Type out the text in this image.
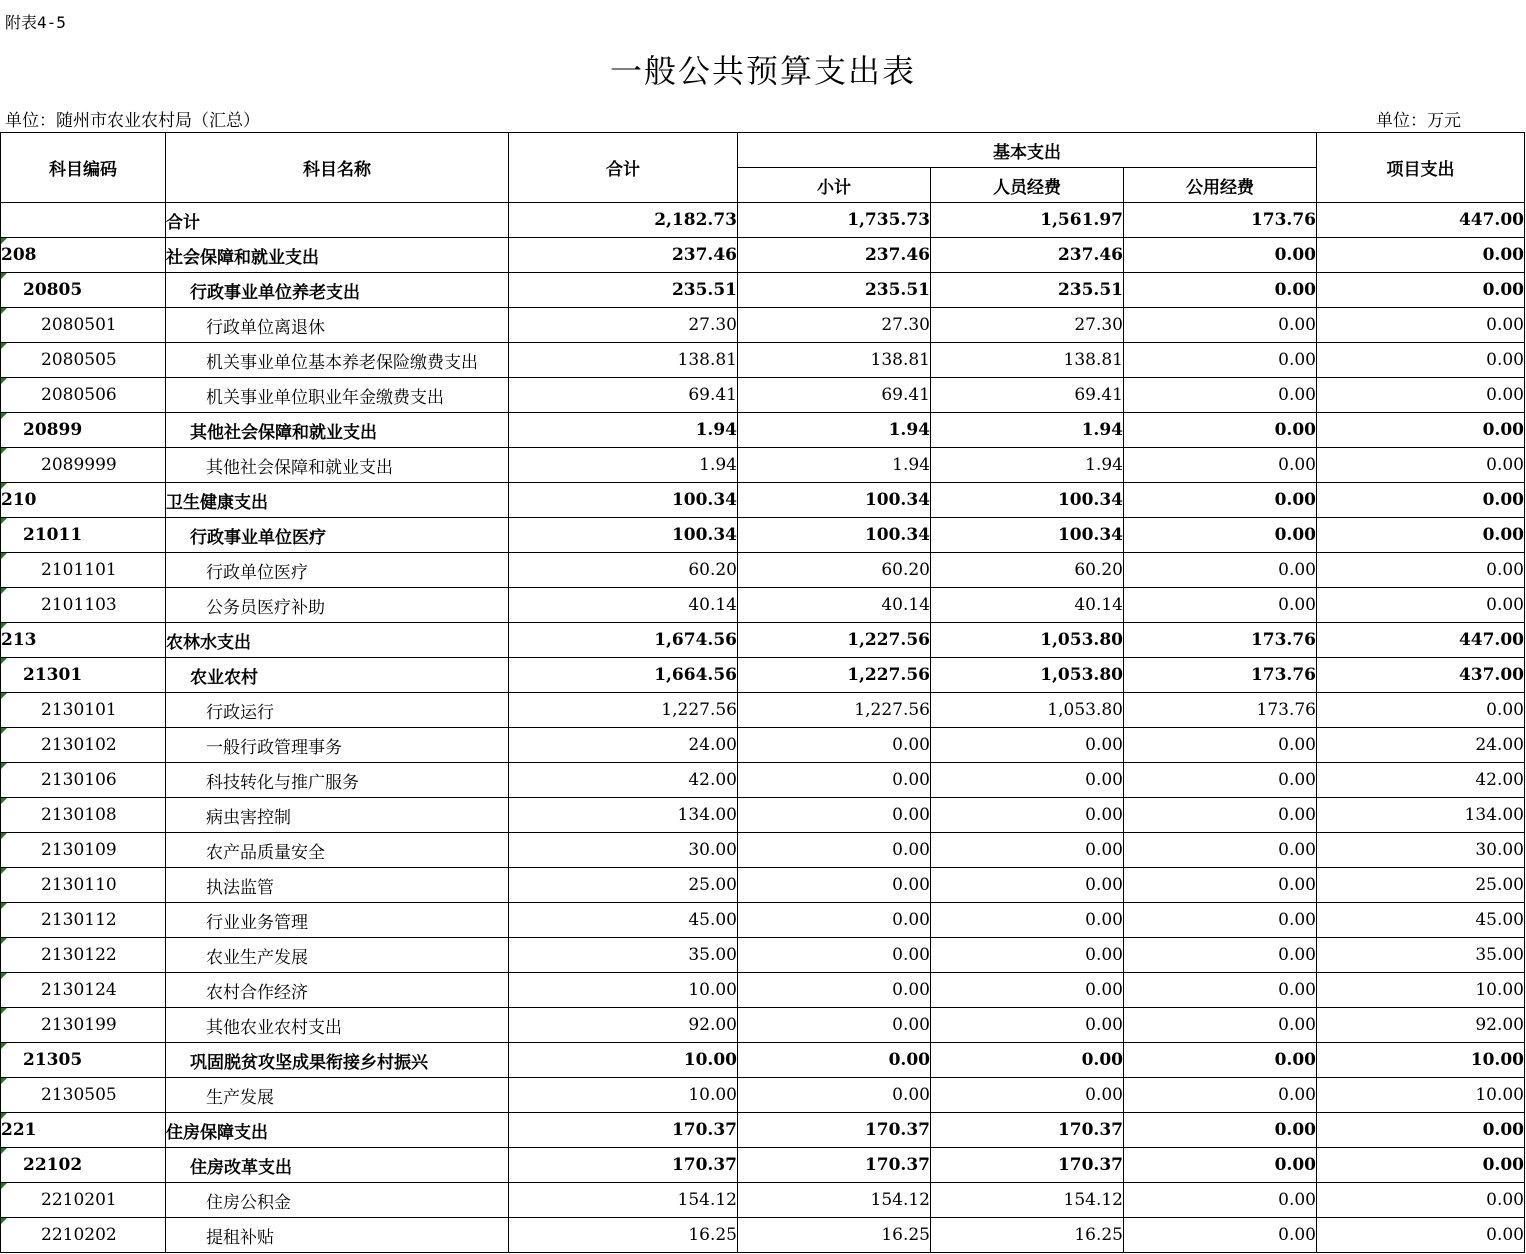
附表4-5
一般公共预算支出表
单位：随州市农业农村局（汇总）	单位：万元
科目编码	科目名称	合计	基本支出			项目支出
			小计	人员经费	公用经费	
	合计	2,182.73	1,735.73	1,561.97	173.76	447.00
208	社会保障和就业支出	237.46	237.46	237.46	0.00	0.00
20805	行政事业单位养老支出	235.51	235.51	235.51	0.00	0.00
2080501	行政单位离退休	27.30	27.30	27.30	0.00	0.00
2080505	机关事业单位基本养老保险缴费支出	138.81	138.81	138.81	0.00	0.00
2080506	机关事业单位职业年金缴费支出	69.41	69.41	69.41	0.00	0.00
20899	其他社会保障和就业支出	1.94	1.94	1.94	0.00	0.00
2089999	其他社会保障和就业支出	1.94	1.94	1.94	0.00	0.00
210	卫生健康支出	100.34	100.34	100.34	0.00	0.00
21011	行政事业单位医疗	100.34	100.34	100.34	0.00	0.00
2101101	行政单位医疗	60.20	60.20	60.20	0.00	0.00
2101103	公务员医疗补助	40.14	40.14	40.14	0.00	0.00
213	农林水支出	1,674.56	1,227.56	1,053.80	173.76	447.00
21301	农业农村	1,664.56	1,227.56	1,053.80	173.76	437.00
2130101	行政运行	1,227.56	1,227.56	1,053.80	173.76	0.00
2130102	一般行政管理事务	24.00	0.00	0.00	0.00	24.00
2130106	科技转化与推广服务	42.00	0.00	0.00	0.00	42.00
2130108	病虫害控制	134.00	0.00	0.00	0.00	134.00
2130109	农产品质量安全	30.00	0.00	0.00	0.00	30.00
2130110	执法监管	25.00	0.00	0.00	0.00	25.00
2130112	行业业务管理	45.00	0.00	0.00	0.00	45.00
2130122	农业生产发展	35.00	0.00	0.00	0.00	35.00
2130124	农村合作经济	10.00	0.00	0.00	0.00	10.00
2130199	其他农业农村支出	92.00	0.00	0.00	0.00	92.00
21305	巩固脱贫攻坚成果衔接乡村振兴	10.00	0.00	0.00	0.00	10.00
2130505	生产发展	10.00	0.00	0.00	0.00	10.00
221	住房保障支出	170.37	170.37	170.37	0.00	0.00
22102	住房改革支出	170.37	170.37	170.37	0.00	0.00
2210201	住房公积金	154.12	154.12	154.12	0.00	0.00
2210202	提租补贴	16.25	16.25	16.25	0.00	0.00
